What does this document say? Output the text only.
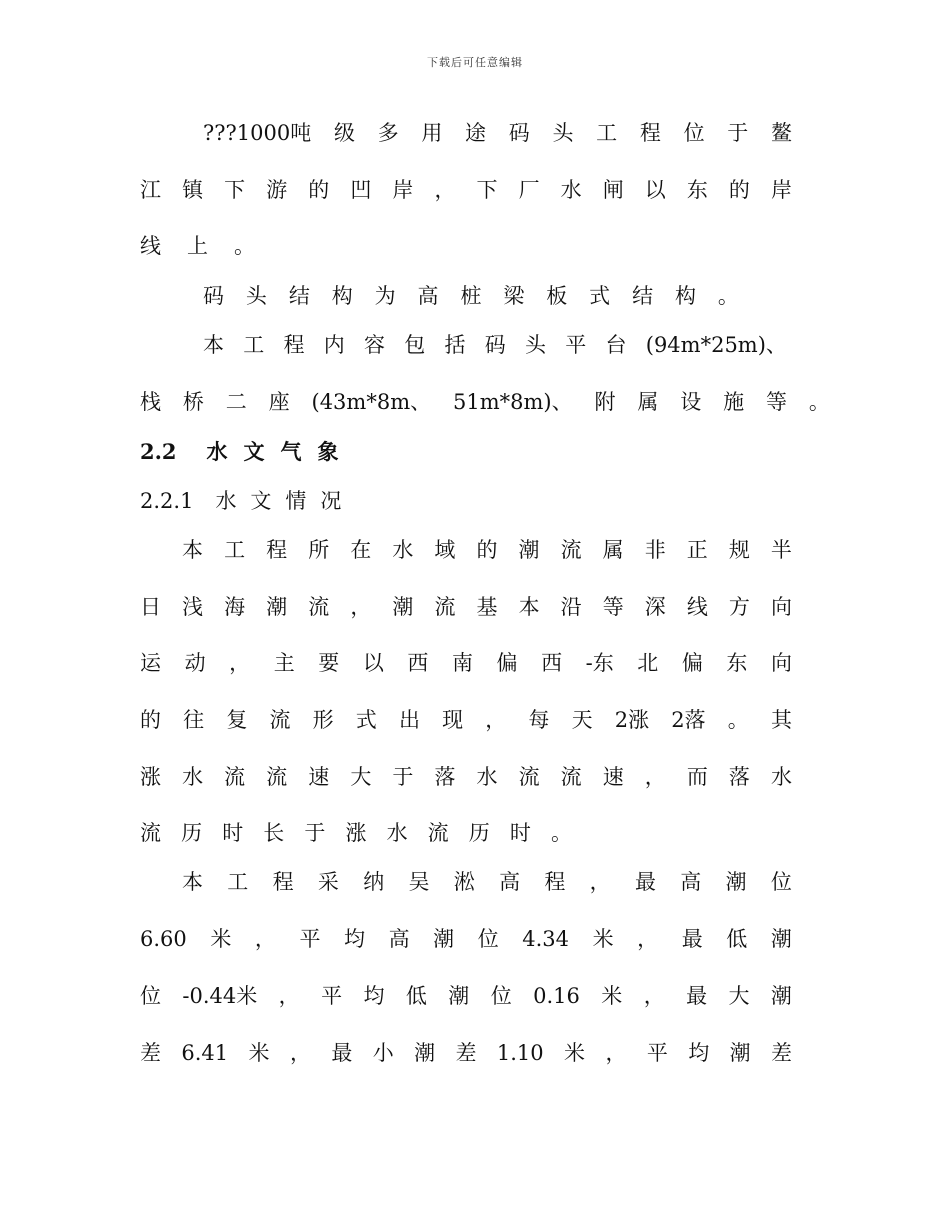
下载后可任意编辑
???1000吨 级 多 用 途 码 头 工 程 位 于 鳌
江 镇 下 游 的 凹 岸 ， 下 厂 水 闸 以 东 的 岸
线 上 。
码 头 结 构 为 高 桩 梁 板 式 结 构 。
本 工 程 内 容 包 括 码 头 平 台 (94m*25m)、
栈 桥 二 座 (43m*8m、 51m*8m)、 附 属 设 施 等 。
2.2 水文气象
2.2.1 水文情况
本 工 程 所 在 水 域 的 潮 流 属 非 正 规 半
日 浅 海 潮 流 ， 潮 流 基 本 沿 等 深 线 方 向
运 动 ， 主 要 以 西 南 偏 西 -东 北 偏 东 向
的 往 复 流 形 式 出 现 ， 每 天 2涨 2落 。 其
涨 水 流 流 速 大 于 落 水 流 流 速 ， 而 落 水
流 历 时 长 于 涨 水 流 历 时 。
本 工 程 采 纳 吴 淞 高 程 ， 最 高 潮 位
6.60 米 ， 平 均 高 潮 位 4.34 米 ， 最 低 潮
位 -0.44米 ， 平 均 低 潮 位 0.16 米 ， 最 大 潮
差 6.41 米 ， 最 小 潮 差 1.10 米 ， 平 均 潮 差
